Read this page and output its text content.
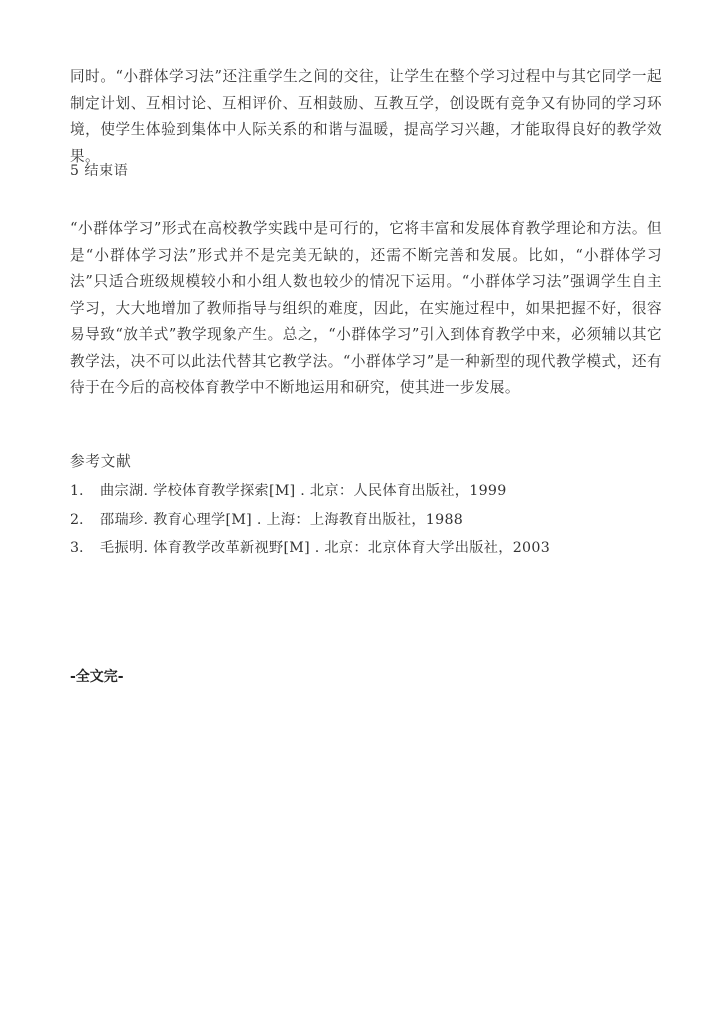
同时。“小群体学习法”还注重学生之间的交往，让学生在整个学习过程中与其它同学一起制定计划、互相讨论、互相评价、互相鼓励、互教互学，创设既有竞争又有协同的学习环境，使学生体验到集体中人际关系的和谐与温暖，提高学习兴趣，才能取得良好的教学效果。

5 结束语

“小群体学习”形式在高校教学实践中是可行的，它将丰富和发展体育教学理论和方法。但是“小群体学习法”形式并不是完美无缺的，还需不断完善和发展。比如，“小群体学习法”只适合班级规模较小和小组人数也较少的情况下运用。“小群体学习法”强调学生自主学习，大大地增加了教师指导与组织的难度，因此，在实施过程中，如果把握不好，很容易导致“放羊式”教学现象产生。总之，“小群体学习”引入到体育教学中来，必须辅以其它教学法，决不可以此法代替其它教学法。“小群体学习”是一种新型的现代教学模式，还有待于在今后的高校体育教学中不断地运用和研究，使其进一步发展。

参考文献

1. 曲宗湖. 学校体育教学探索[M] . 北京：人民体育出版社，1999
2. 邵瑞珍. 教育心理学[M] . 上海：上海教育出版社，1988
3. 毛振明. 体育教学改革新视野[M] . 北京：北京体育大学出版社，2003

-全文完-
